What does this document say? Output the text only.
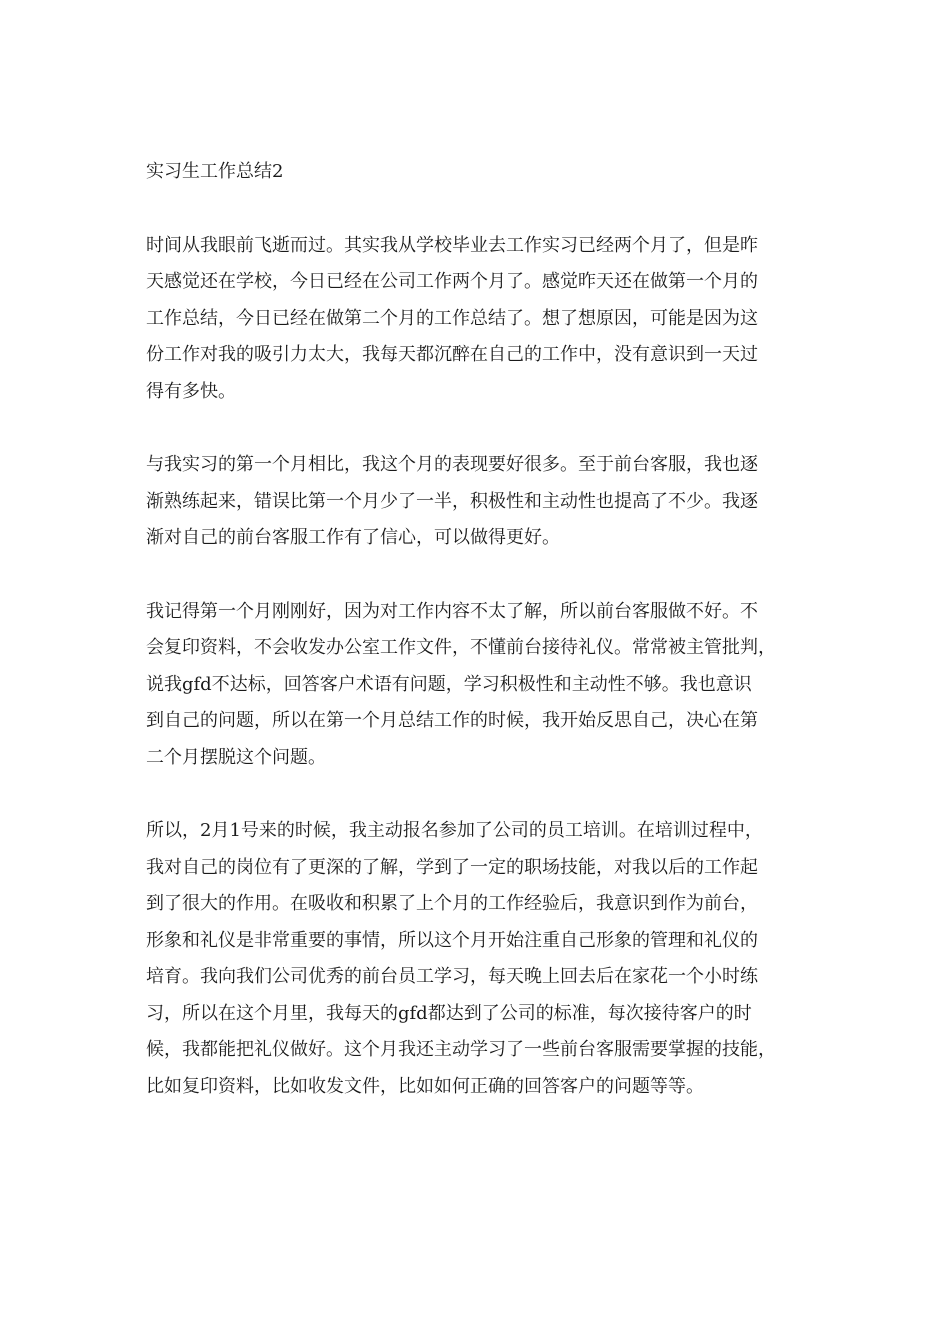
实习生工作总结2
时间从我眼前飞逝而过。其实我从学校毕业去工作实习已经两个月了，但是昨
天感觉还在学校，今日已经在公司工作两个月了。感觉昨天还在做第一个月的
工作总结，今日已经在做第二个月的工作总结了。想了想原因，可能是因为这
份工作对我的吸引力太大，我每天都沉醉在自己的工作中，没有意识到一天过
得有多快。
与我实习的第一个月相比，我这个月的表现要好很多。至于前台客服，我也逐
渐熟练起来，错误比第一个月少了一半，积极性和主动性也提高了不少。我逐
渐对自己的前台客服工作有了信心，可以做得更好。
我记得第一个月刚刚好，因为对工作内容不太了解，所以前台客服做不好。不
会复印资料，不会收发办公室工作文件，不懂前台接待礼仪。常常被主管批判，
说我gfd不达标，回答客户术语有问题，学习积极性和主动性不够。我也意识
到自己的问题，所以在第一个月总结工作的时候，我开始反思自己，决心在第
二个月摆脱这个问题。
所以，2月1号来的时候，我主动报名参加了公司的员工培训。在培训过程中，
我对自己的岗位有了更深的了解，学到了一定的职场技能，对我以后的工作起
到了很大的作用。在吸收和积累了上个月的工作经验后，我意识到作为前台，
形象和礼仪是非常重要的事情，所以这个月开始注重自己形象的管理和礼仪的
培育。我向我们公司优秀的前台员工学习，每天晚上回去后在家花一个小时练
习，所以在这个月里，我每天的gfd都达到了公司的标准，每次接待客户的时
候，我都能把礼仪做好。这个月我还主动学习了一些前台客服需要掌握的技能，
比如复印资料，比如收发文件，比如如何正确的回答客户的问题等等。
